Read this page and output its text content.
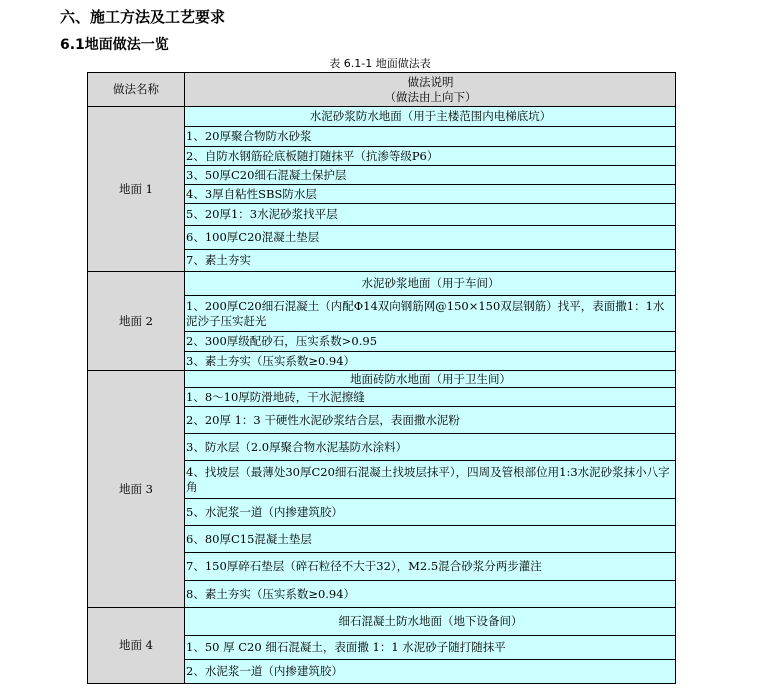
六、施工方法及工艺要求
6.1地面做法一览
表 6.1-1 地面做法表
做法名称	做法说明
（做法由上向下）

地面 1	水泥砂浆防水地面（用于主楼范围内电梯底坑）
	1、20厚聚合物防水砂浆
	2、自防水钢筋砼底板随打随抹平（抗渗等级P6）
	3、50厚C20细石混凝土保护层
	4、3厚自粘性SBS防水层
	5、20厚1：3水泥砂浆找平层
	6、100厚C20混凝土垫层
	7、素土夯实
地面 2	水泥砂浆地面（用于车间）
	1、200厚C20细石混凝土（内配Φ14双向钢筋网@150×150双层钢筋）找平，表面撒1：1水泥沙子压实赶光
	2、300厚级配砂石，压实系数>0.95
	3、素土夯实（压实系数≥0.94）
地面 3	地面砖防水地面（用于卫生间）
	1、8～10厚防滑地砖，干水泥擦缝
	2、20厚 1：3 干硬性水泥砂浆结合层，表面撒水泥粉
	3、防水层（2.0厚聚合物水泥基防水涂料）
	4、找坡层（最薄处30厚C20细石混凝土找坡层抹平），四周及管根部位用1:3水泥砂浆抹小八字角
	5、水泥浆一道（内掺建筑胶）
	6、80厚C15混凝土垫层
	7、150厚碎石垫层（碎石粒径不大于32），M2.5混合砂浆分两步灌注
	8、素土夯实（压实系数≥0.94）
地面 4	细石混凝土防水地面（地下设备间）
	1、50 厚 C20 细石混凝土，表面撒 1：1 水泥砂子随打随抹平
	2、水泥浆一道（内掺建筑胶）
